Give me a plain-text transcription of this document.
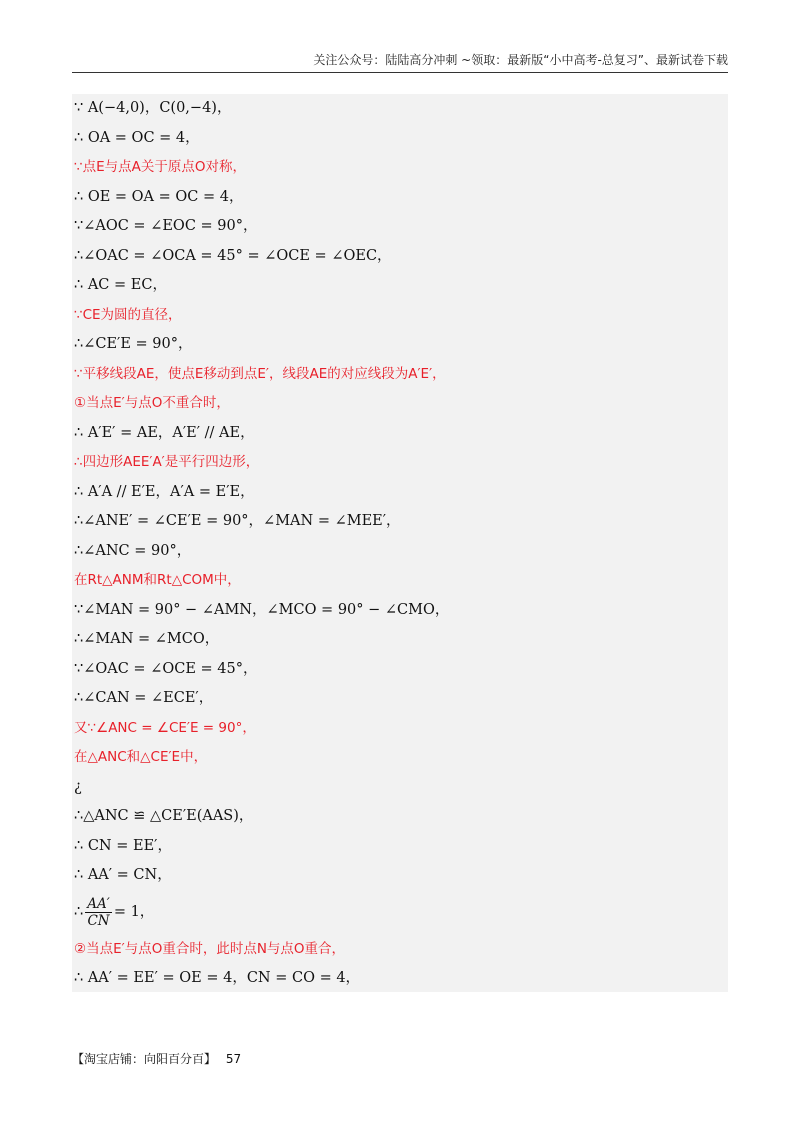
关注公众号：陆陆高分冲刺 ~领取：最新版“小中高考-总复习”、最新试卷下载
∵ A(−4,0)，C(0,−4)，
∴ OA = OC = 4，
∵点E与点A关于原点O对称，
∴ OE = OA = OC = 4，
∵∠AOC = ∠EOC = 90°，
∴∠OAC = ∠OCA = 45° = ∠OCE = ∠OEC，
∴ AC = EC，
∵CE为圆的直径，
∴∠CE′E = 90°，
∵平移线段AE，使点E移动到点E′，线段AE的对应线段为A′E′，
①当点E′与点O不重合时，
∴ A′E′ = AE，A′E′ // AE，
∴四边形AEE′A′是平行四边形，
∴ A′A // E′E，A′A = E′E，
∴∠ANE′ = ∠CE′E = 90°，∠MAN = ∠MEE′，
∴∠ANC = 90°，
在Rt△ANM和Rt△COM中，
∵∠MAN = 90° − ∠AMN，∠MCO = 90° − ∠CMO，
∴∠MAN = ∠MCO，
∵∠OAC = ∠OCE = 45°，
∴∠CAN = ∠ECE′，
又∵∠ANC = ∠CE′E = 90°，
在△ANC和△CE′E中，
¿
∴△ANC ≌ △CE′E(AAS)，
∴ CN = EE′，
∴ AA′ = CN，
∴ $\frac{AA'}{CN} = 1$，
②当点E′与点O重合时，此时点N与点O重合，
∴ AA′ = EE′ = OE = 4，CN = CO = 4，
【淘宝店铺：向阳百分百】 57
